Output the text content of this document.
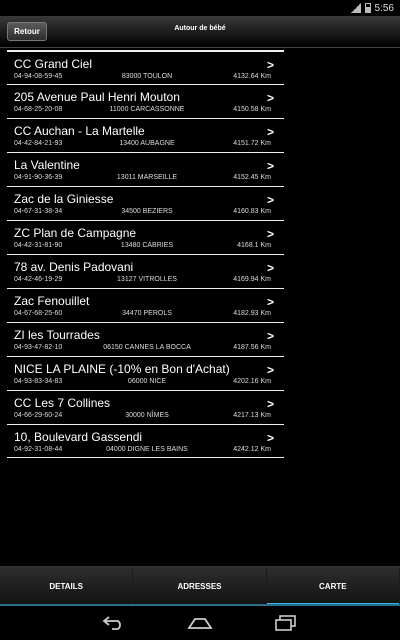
5:56
Retour	Autour de bébé
CC Grand Ciel	>
04-94-08-59-45	83000 TOULON	4132.64 Km
205 Avenue Paul Henri Mouton	>
04-68-25-20-08	11000 CARCASSONNE	4150.58 Km
CC Auchan - La Martelle	>
04-42-84-21-93	13400 AUBAGNE	4151.72 Km
La Valentine	>
04-91-90-36-39	13011 MARSEILLE	4152.45 Km
Zac de la Giniesse	>
04-67-31-38-34	34500 BEZIERS	4160.83 Km
ZC Plan de Campagne	>
04-42-31-81-90	13480 CABRIES	4168.1 Km
78 av. Denis Padovani	>
04-42-46-19-29	13127 VITROLLES	4169.94 Km
Zac Fenouillet	>
04-67-68-25-60	34470 PEROLS	4182.93 Km
ZI les Tourrades	>
04-93-47-82-10	06150 CANNES LA BOCCA	4187.56 Km
NICE LA PLAINE (-10% en Bon d'Achat)	>
04-93-83-34-83	06000 NICE	4202.16 Km
CC Les 7 Collines	>
04-66-29-60-24	30000 NÎMES	4217.13 Km
10, Boulevard Gassendi	>
04-92-31-08-44	04000 DIGNE LES BAINS	4242.12 Km
DETAILS	ADRESSES	CARTE
